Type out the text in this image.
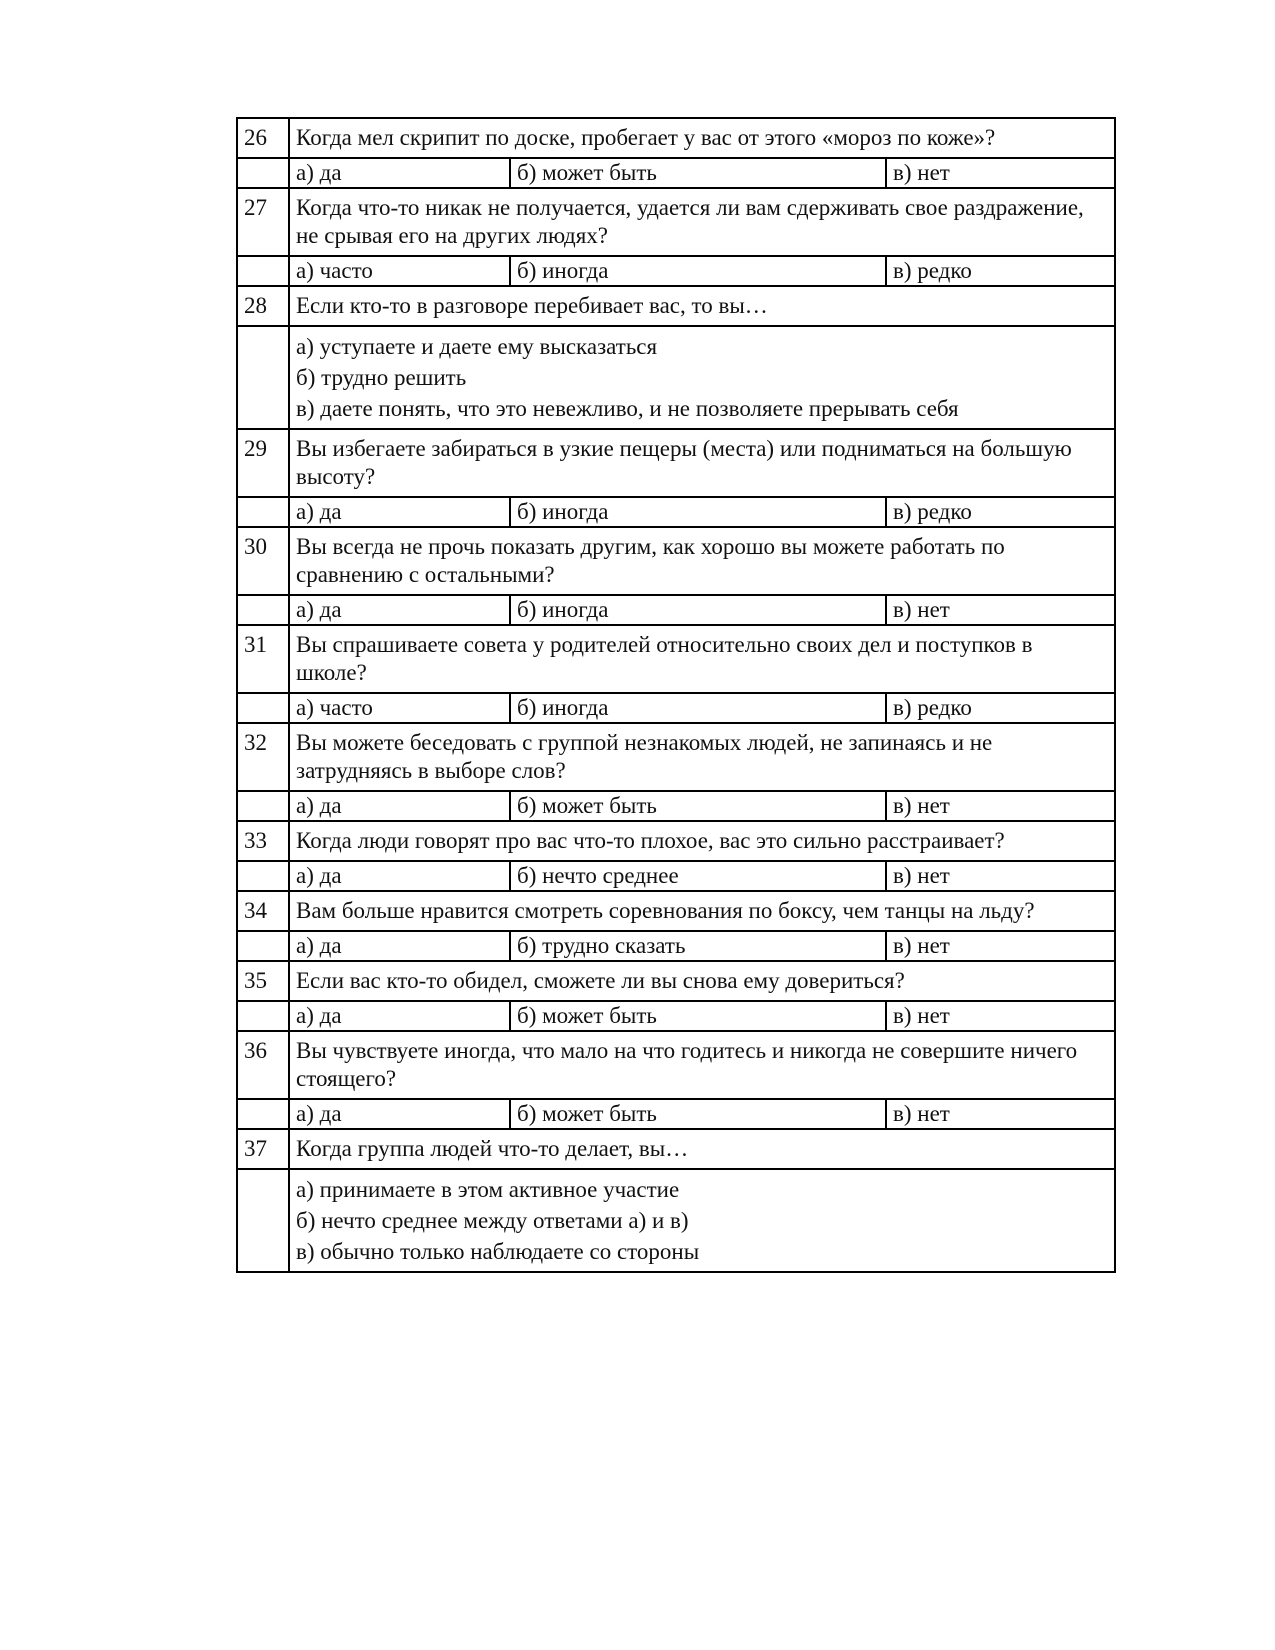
26	Когда мел скрипит по доске, пробегает у вас от этого «мороз по коже»?		
	а) да	б) может быть	в) нет
27	Когда что-то никак не получается, удается ли вам сдерживать свое раздражение, не срывая его на других людях?		
	а) часто	б) иногда	в) редко
28	Если кто-то в разговоре перебивает вас, то вы…		

	а) уступаете и даете ему высказаться
б) трудно решить
в) даете понять, что это невежливо, и не позволяете прерывать себя		

29	Вы избегаете забираться в узкие пещеры (места) или подниматься на большую высоту?		
	а) да	б) иногда	в) редко
30	Вы всегда не прочь показать другим, как хорошо вы можете работать по сравнению с остальными?		
	а) да	б) иногда	в) нет
31	Вы спрашиваете совета у родителей относительно своих дел и поступков в школе?		
	а) часто	б) иногда	в) редко
32	Вы можете беседовать с группой незнакомых людей, не запинаясь и не затрудняясь в выборе слов?		
	а) да	б) может быть	в) нет
33	Когда люди говорят про вас что-то плохое, вас это сильно расстраивает?		
	а) да	б) нечто среднее	в) нет
34	Вам больше нравится смотреть соревнования по боксу, чем танцы на льду?		
	а) да	б) трудно сказать	в) нет
35	Если вас кто-то обидел, сможете ли вы снова ему довериться?		
	а) да	б) может быть	в) нет
36	Вы чувствуете иногда, что мало на что годитесь и никогда не совершите ничего стоящего?		
	а) да	б) может быть	в) нет
37	Когда группа людей что-то делает, вы…		

	а) принимаете в этом активное участие
б) нечто среднее между ответами а) и в)
в) обычно только наблюдаете со стороны		
